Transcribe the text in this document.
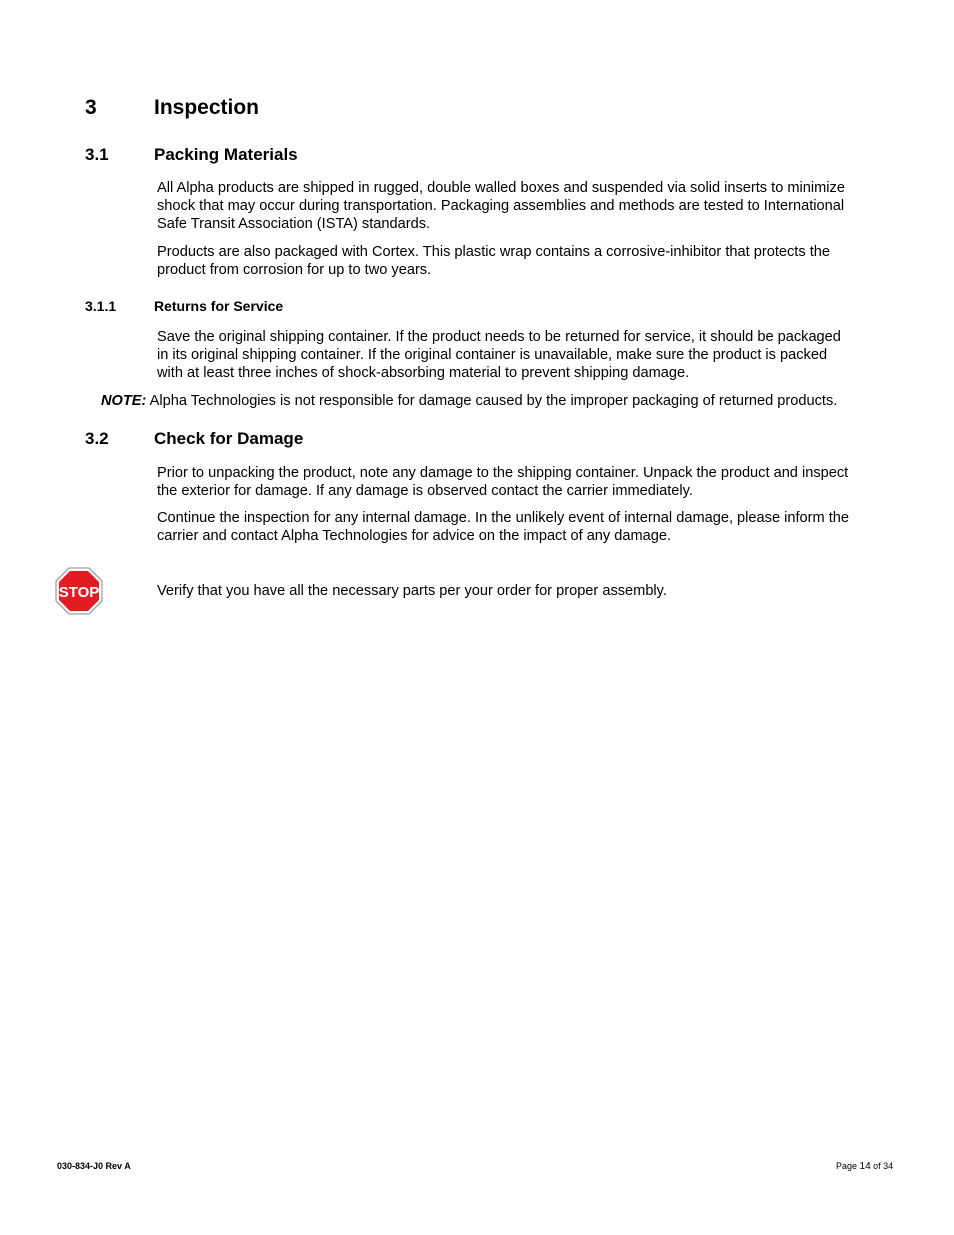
3	Inspection
3.1	Packing Materials
All Alpha products are shipped in rugged, double walled boxes and suspended via solid inserts to minimize
shock that may occur during transportation. Packaging assemblies and methods are tested to International
Safe Transit Association (ISTA) standards.
Products are also packaged with Cortex. This plastic wrap contains a corrosive-inhibitor that protects the
product from corrosion for up to two years.
3.1.1	Returns for Service
Save the original shipping container. If the product needs to be returned for service, it should be packaged
in its original shipping container. If the original container is unavailable, make sure the product is packed
with at least three inches of shock-absorbing material to prevent shipping damage.
NOTE: Alpha Technologies is not responsible for damage caused by the improper packaging of returned products.
3.2	Check for Damage
Prior to unpacking the product, note any damage to the shipping container. Unpack the product and inspect
the exterior for damage. If any damage is observed contact the carrier immediately.
Continue the inspection for any internal damage. In the unlikely event of internal damage, please inform the
carrier and contact Alpha Technologies for advice on the impact of any damage.
STOP	Verify that you have all the necessary parts per your order for proper assembly.
030-834-J0 Rev A	Page 14 of 34
